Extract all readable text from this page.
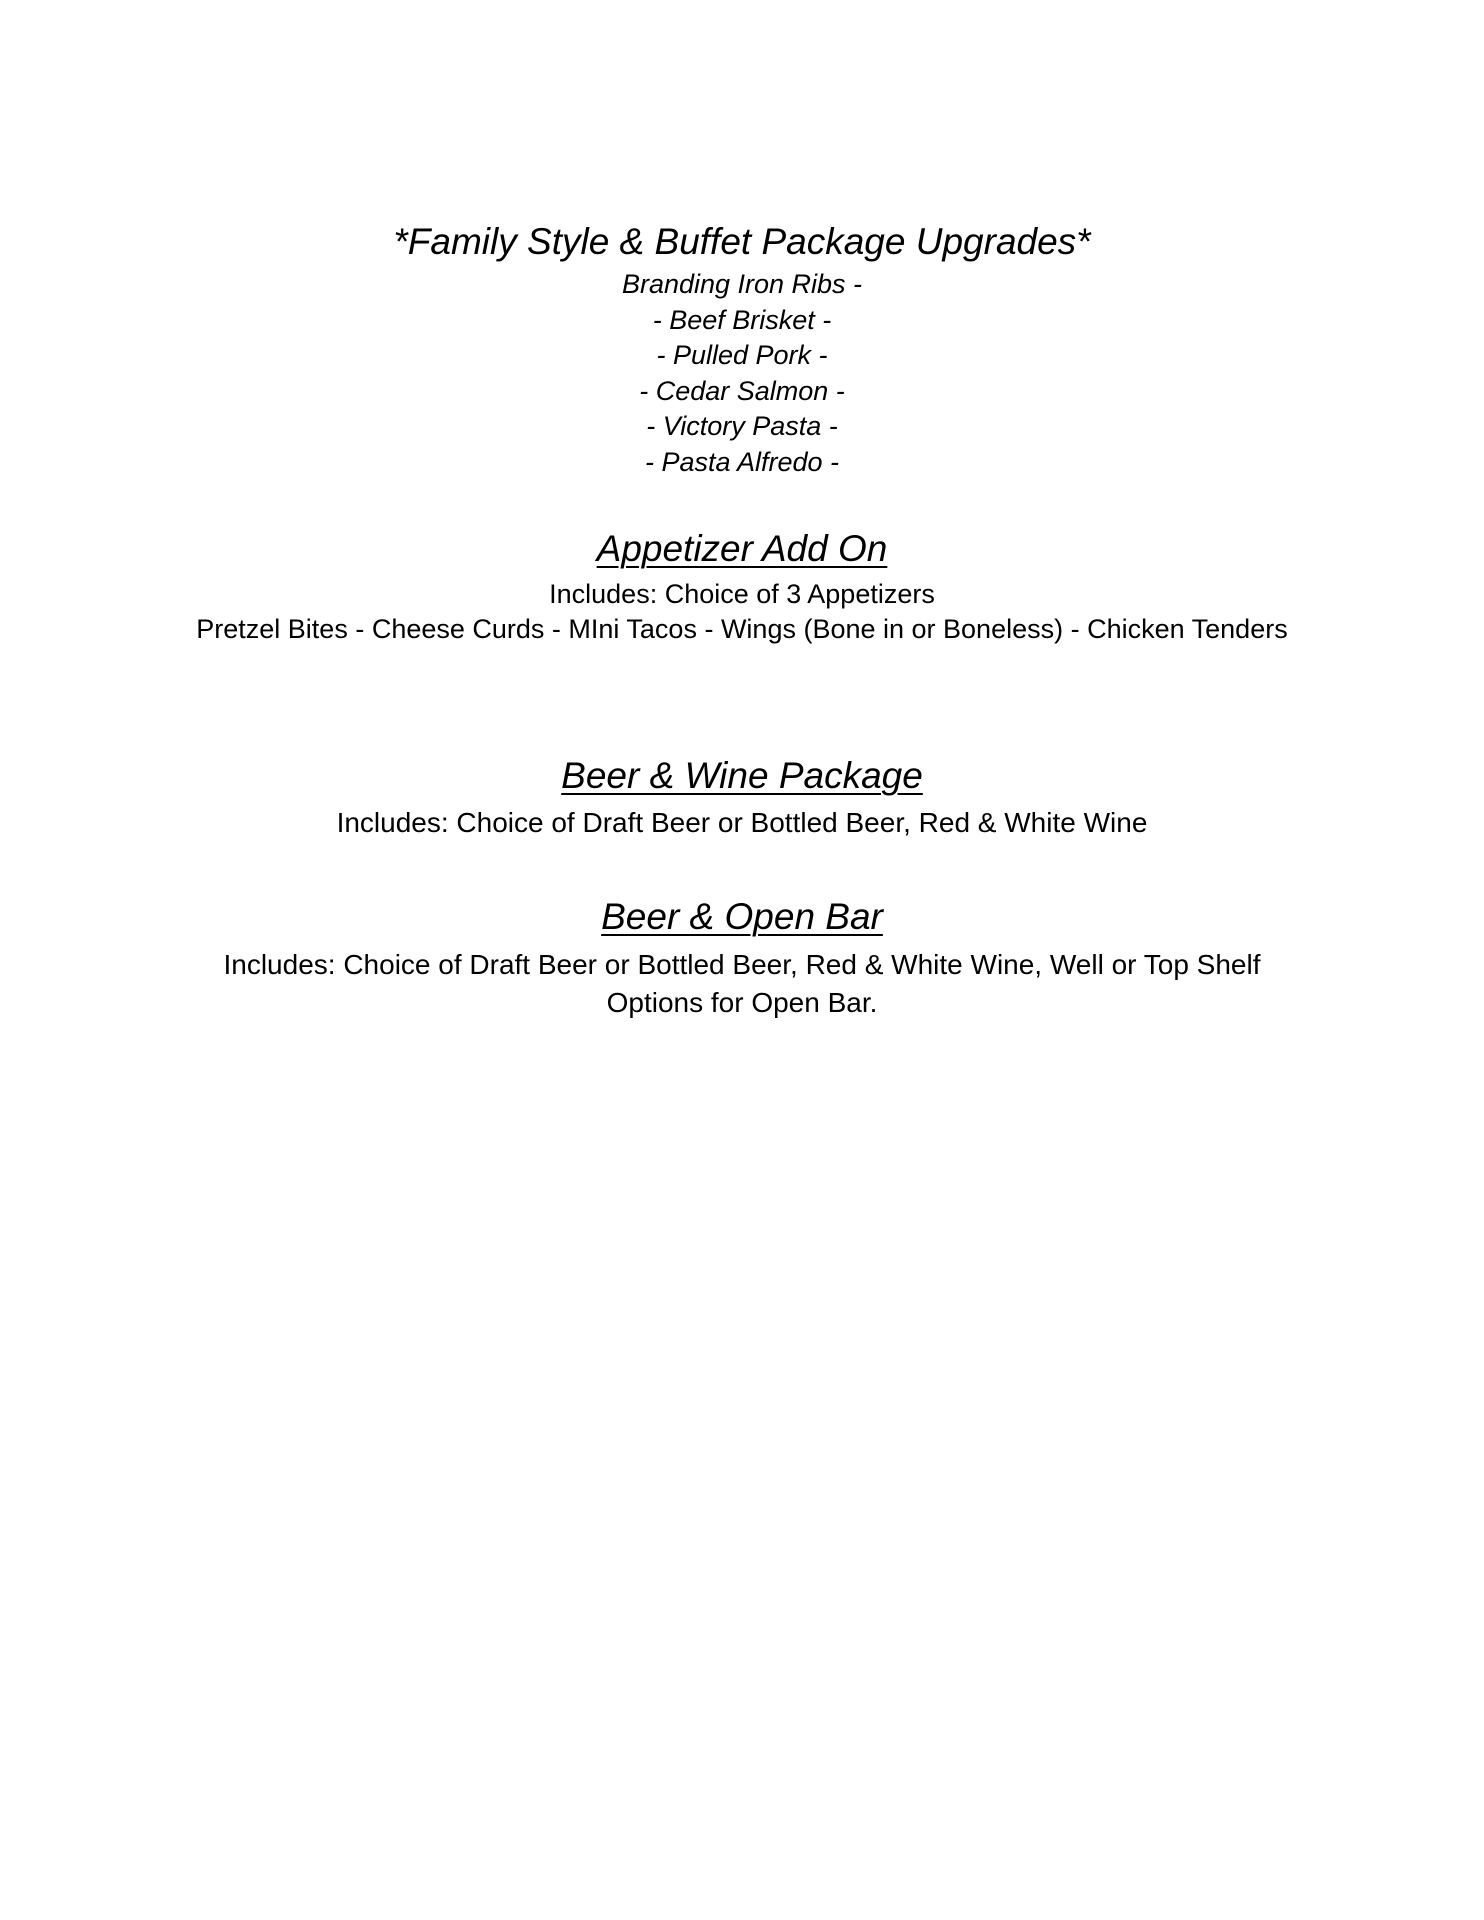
*Family Style & Buffet Package Upgrades*
Branding Iron Ribs -
- Beef Brisket -
- Pulled Pork -
- Cedar Salmon -
- Victory Pasta -
- Pasta Alfredo -
Appetizer Add On
Includes: Choice of 3 Appetizers
Pretzel Bites - Cheese Curds - MIni Tacos - Wings (Bone in or Boneless) - Chicken Tenders
Beer & Wine Package
Includes: Choice of Draft Beer or Bottled Beer, Red & White Wine
Beer & Open Bar
Includes: Choice of Draft Beer or Bottled Beer, Red & White Wine, Well or Top Shelf
Options for Open Bar.
